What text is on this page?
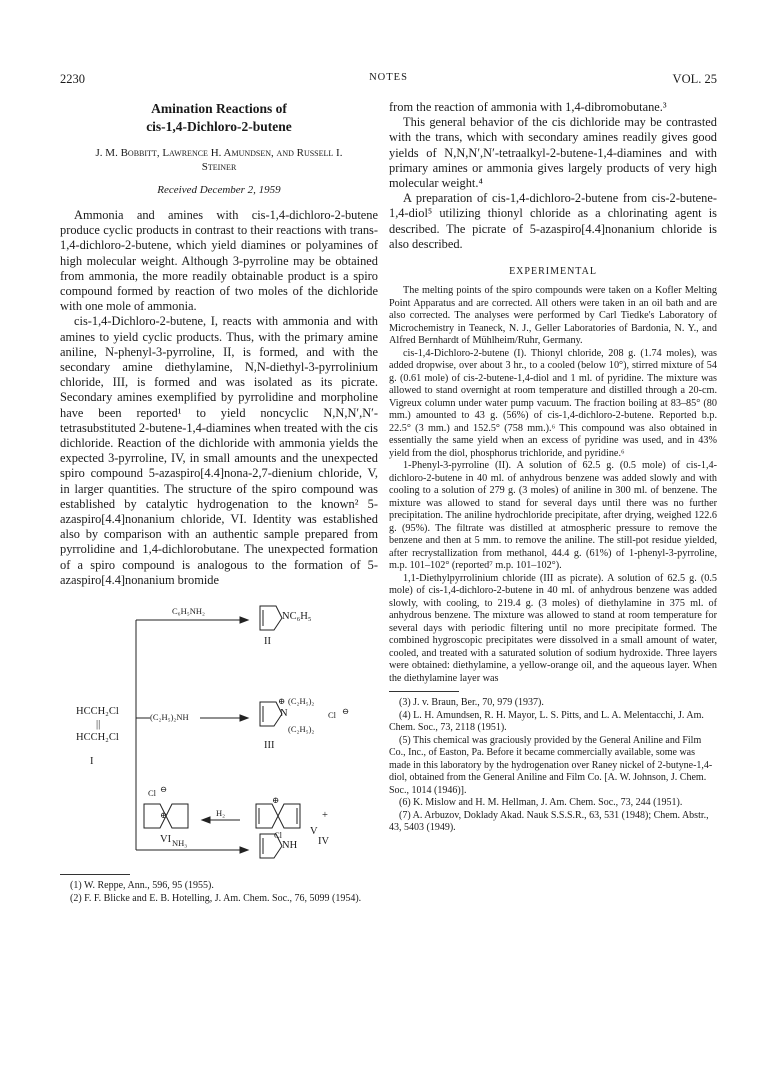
2230	NOTES	VOL. 25
Amination Reactions of
cis-1,4-Dichloro-2-butene
J. M. Bobbitt, Lawrence H. Amundsen, and Russell I.
Steiner
Received December 2, 1959

Ammonia and amines with cis-1,4-dichloro-2-butene produce cyclic products in contrast to their reactions with trans-1,4-dichloro-2-butene, which yield diamines or polyamines of high molecular weight. Although 3-pyrroline may be obtained from ammonia, the more readily obtainable product is a spiro compound formed by reaction of two moles of the dichloride with one mole of ammonia.

cis-1,4-Dichloro-2-butene, I, reacts with ammonia and with amines to yield cyclic products. Thus, with the primary amine aniline, N-phenyl-3-pyrroline, II, is formed, and with the secondary amine diethylamine, N,N-diethyl-3-pyrrolinium chloride, III, is formed and was isolated as its picrate. Secondary amines exemplified by pyrrolidine and morpholine have been reported¹ to yield noncyclic N,N,N′,N′-tetrasubstituted 2-butene-1,4-diamines when treated with the cis dichloride. Reaction of the dichloride with ammonia yields the expected 3-pyrroline, IV, in small amounts and the unexpected spiro compound 5-azaspiro[4.4]nona-2,7-dienium chloride, V, in larger quantities. The structure of the spiro compound was established by catalytic hydrogenation to the known² 5-azaspiro[4.4]nonanium chloride, VI. Identity was established also by comparison with an authentic sample prepared from pyrrolidine and 1,4-dichlorobutane. The unexpected formation of a spiro compound is analogous to the formation of 5-azaspiro[4.4]nonanium bromide

C₆H₅NH₂	NC₆H₅
II
HCCH₂Cl
||
HCCH₂Cl
I
(C₂H₅)₂NH
⊕ (C₂H₅)₂
N
(C₂H₅)₂
Cl ⊖
III
NH₃	NH IV
+
H₂
⊕
Cl	V
Cl ⊖
⊕
VI

(1) W. Reppe, Ann., 596, 95 (1955).

(2) F. F. Blicke and E. B. Hotelling, J. Am. Chem. Soc., 76, 5099 (1954).

from the reaction of ammonia with 1,4-dibromobutane.³

This general behavior of the cis dichloride may be contrasted with the trans, which with secondary amines readily gives good yields of N,N,N′,N′-tetraalkyl-2-butene-1,4-diamines and with primary amines or ammonia gives largely products of very high molecular weight.⁴

A preparation of cis-1,4-dichloro-2-butene from cis-2-butene-1,4-diol⁵ utilizing thionyl chloride as a chlorinating agent is described. The picrate of 5-azaspiro[4.4]nonanium chloride is also described.

EXPERIMENTAL

The melting points of the spiro compounds were taken on a Kofler Melting Point Apparatus and are corrected. All others were taken in an oil bath and are also corrected. The analyses were performed by Carl Tiedke's Laboratory of Microchemistry in Teaneck, N. J., Geller Laboratories of Bardonia, N. Y., and Alfred Bernhardt of Mühlheim/Ruhr, Germany.

cis-1,4-Dichloro-2-butene (I). Thionyl chloride, 208 g. (1.74 moles), was added dropwise, over about 3 hr., to a cooled (below 10°), stirred mixture of 54 g. (0.61 mole) of cis-2-butene-1,4-diol and 1 ml. of pyridine. The mixture was allowed to stand overnight at room temperature and distilled through a 20-cm. Vigreux column under water pump vacuum. The fraction boiling at 83–85° (80 mm.) amounted to 43 g. (56%) of cis-1,4-dichloro-2-butene. Reported b.p. 22.5° (3 mm.) and 152.5° (758 mm.).⁶ This compound was also obtained in essentially the same yield when an excess of pyridine was used, and in 43% yield from the diol, phosphorus trichloride, and pyridine.⁶

1-Phenyl-3-pyrroline (II). A solution of 62.5 g. (0.5 mole) of cis-1,4-dichloro-2-butene in 40 ml. of anhydrous benzene was added slowly and with cooling to a solution of 279 g. (3 moles) of aniline in 300 ml. of benzene. The mixture was allowed to stand for several days until there was no further precipitation. The aniline hydrochloride precipitate, after drying, weighed 122.6 g. (95%). The filtrate was distilled at atmospheric pressure to remove the benzene and then at 5 mm. to remove the aniline. The still-pot residue yielded, after recrystallization from methanol, 44.4 g. (61%) of 1-phenyl-3-pyrroline, m.p. 101–102° (reported⁷ m.p. 101–102°).

1,1-Diethylpyrrolinium chloride (III as picrate). A solution of 62.5 g. (0.5 mole) of cis-1,4-dichloro-2-butene in 40 ml. of anhydrous benzene was added slowly, with cooling, to 219.4 g. (3 moles) of diethylamine in 375 ml. of anhydrous benzene. The mixture was allowed to stand at room temperature for several days with periodic filtering until no more precipitate formed. The combined hygroscopic precipitates were dissolved in a small amount of water, cooled, and treated with a saturated solution of sodium hydroxide. Three layers were obtained: diethylamine, a yellow-orange oil, and the aqueous layer. When the diethylamine layer was

(3) J. v. Braun, Ber., 70, 979 (1937).

(4) L. H. Amundsen, R. H. Mayor, L. S. Pitts, and L. A. Melentacchi, J. Am. Chem. Soc., 73, 2118 (1951).

(5) This chemical was graciously provided by the General Aniline and Film Co., Inc., of Easton, Pa. Before it became commercially available, some was made in this laboratory by the hydrogenation over Raney nickel of 2-butyne-1,4-diol, obtained from the General Aniline and Film Co. [A. W. Johnson, J. Chem. Soc., 1014 (1946)].

(6) K. Mislow and H. M. Hellman, J. Am. Chem. Soc., 73, 244 (1951).

(7) A. Arbuzov, Doklady Akad. Nauk S.S.S.R., 63, 531 (1948); Chem. Abstr., 43, 5403 (1949).
